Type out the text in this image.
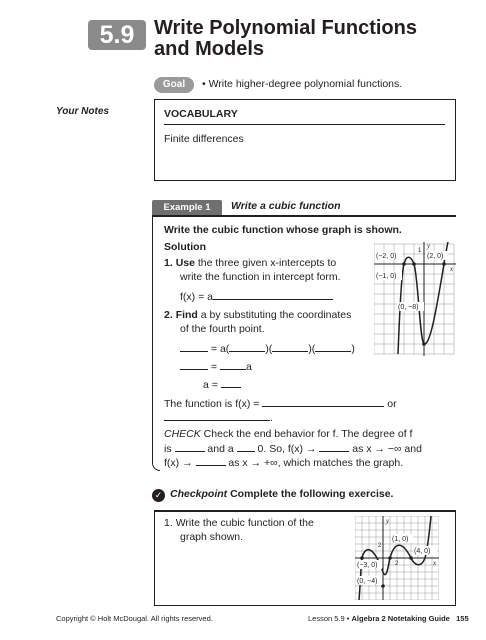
5.9 Write Polynomial Functions
and Models
Goal	• Write higher-degree polynomial functions.
Your Notes	VOCABULARY
Finite differences
Example 1	Write a cubic function
Write the cubic function whose graph is shown.
Solution
1. Use the three given x-intercepts to
write the function in intercept form.
f(x) = a
2. Find a by substituting the coordinates
of the fourth point.
= a(	)(	)(	)
= a
a =
The function is f(x) =	or
.
CHECK Check the end behavior for f. The degree of f
is	and a  0. So, f(x) →	as x → −∞ and
f(x) →	as x → +∞, which matches the graph.
(−2, 0)	(2, 0)
(−1, 0)
(0, −8)
y
x
1
✓ Checkpoint Complete the following exercise.
1. Write the cubic function of the
graph shown.	(1, 0)
(4, 0)
(−3, 0)
(0, −4)
y
x
2
2
Copyright © Holt McDougal. All rights reserved.	Lesson 5.9 • Algebra 2 Notetaking Guide 155
